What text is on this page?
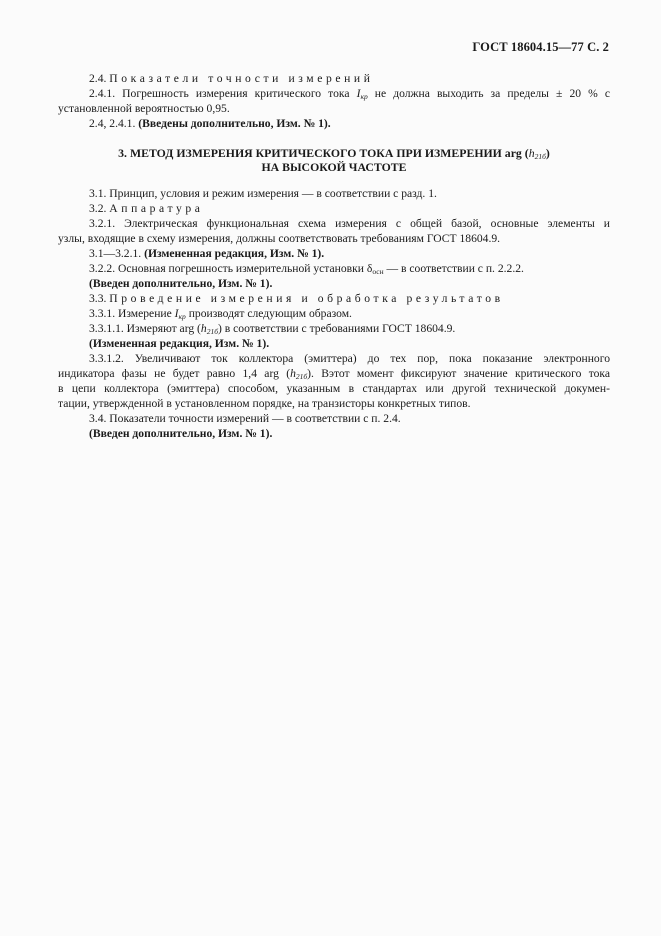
ГОСТ 18604.15—77 С. 2
2.4. Показатели точности измерений
2.4.1. Погрешность измерения критического тока $I_{кр}$ не должна выходить за пределы ± 20 % с
установленной вероятностью 0,95.
2.4, 2.4.1. (Введены дополнительно, Изм. № 1).
3. МЕТОД ИЗМЕРЕНИЯ КРИТИЧЕСКОГО ТОКА ПРИ ИЗМЕРЕНИИ arg $(h_{21б})$
НА ВЫСОКОЙ ЧАСТОТЕ
3.1. Принцип, условия и режим измерения — в соответствии с разд. 1.
3.2. Аппаратура
3.2.1. Электрическая функциональная схема измерения с общей базой, основные элементы и
узлы, входящие в схему измерения, должны соответствовать требованиям ГОСТ 18604.9.
3.1—3.2.1. (Измененная редакция, Изм. № 1).
3.2.2. Основная погрешность измерительной установки $\delta_{осн}$ — в соответствии с п. 2.2.2.
(Введен дополнительно, Изм. № 1).
3.3. Проведение измерения и обработка результатов
3.3.1. Измерение $I_{кр}$ производят следующим образом.
3.3.1.1. Измеряют arg $(h_{21б})$ в соответствии с требованиями ГОСТ 18604.9.
(Измененная редакция, Изм. № 1).
3.3.1.2. Увеличивают ток коллектора (эмиттера) до тех пор, пока показание электронного
индикатора фазы не будет равно 1,4 arg $(h_{21б})$. Вэтот момент фиксируют значение критического тока
в цепи коллектора (эмиттера) способом, указанным в стандартах или другой технической докумен-
тации, утвержденной в установленном порядке, на транзисторы конкретных типов.
3.4. Показатели точности измерений — в соответствии с п. 2.4.
(Введен дополнительно, Изм. № 1).
